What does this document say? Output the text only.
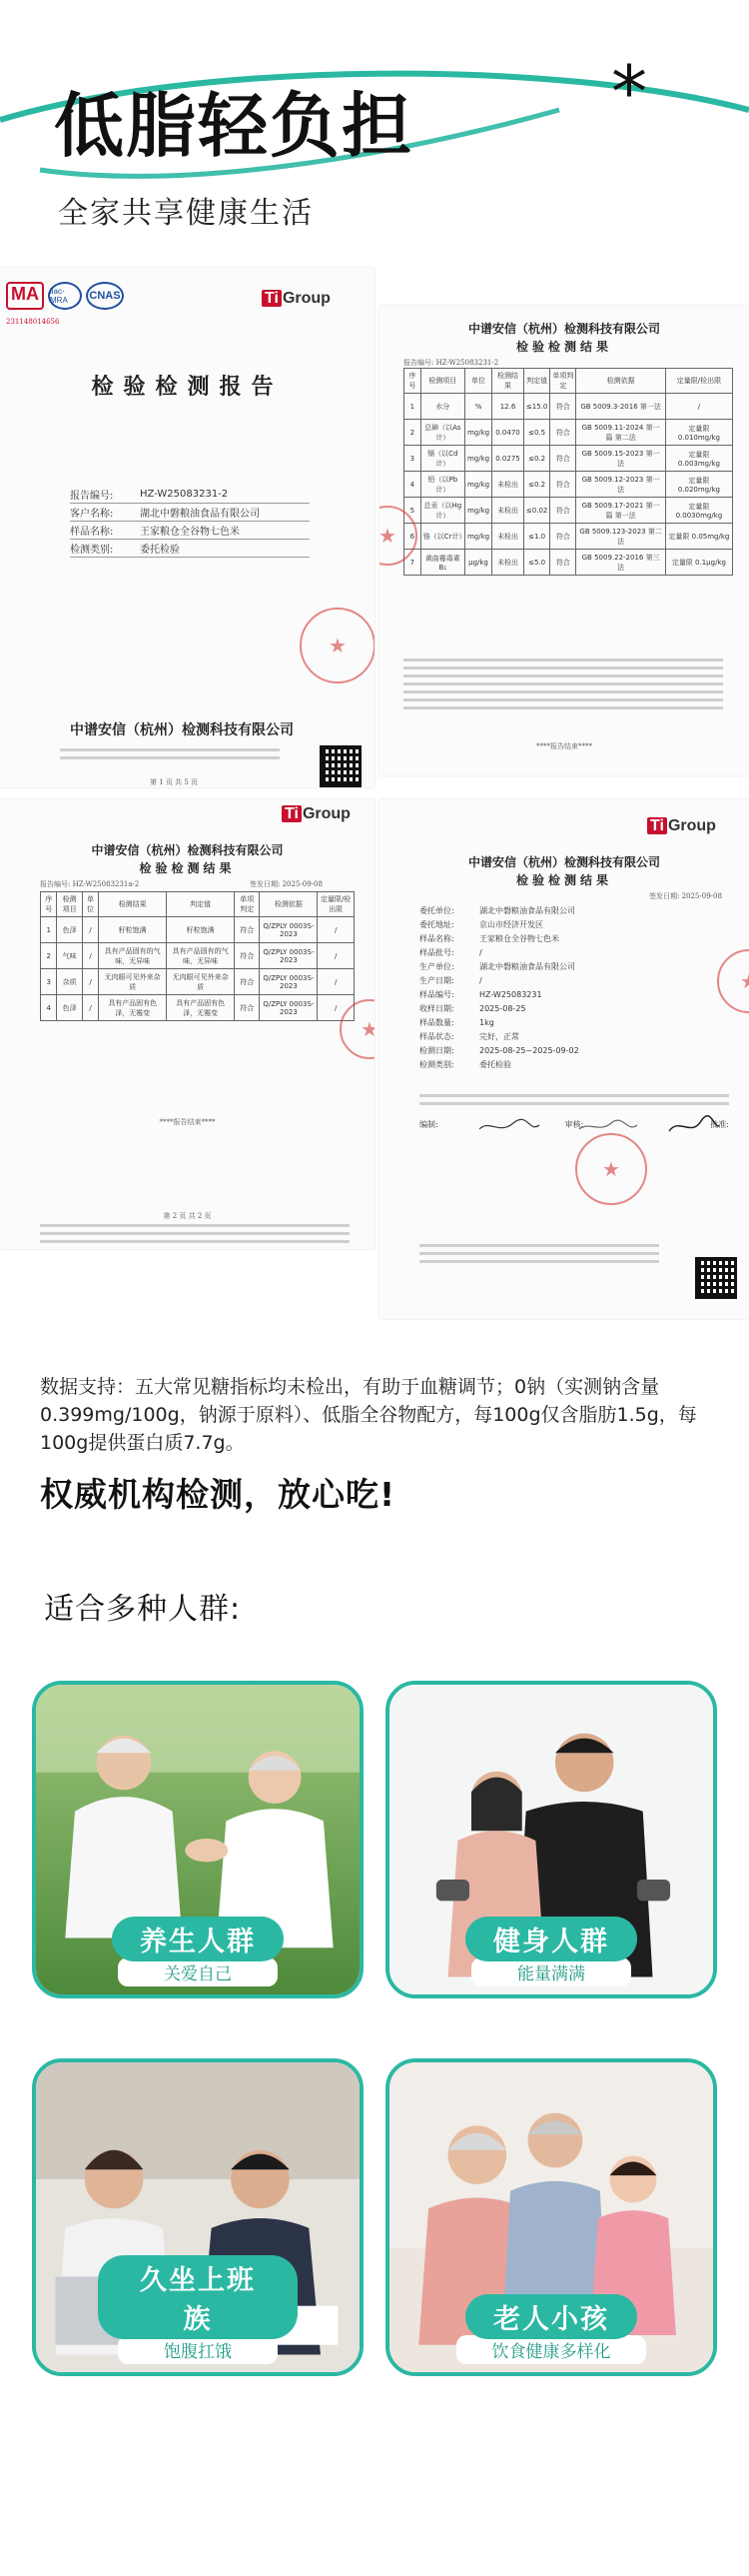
低脂轻负担
全家共享健康生活
*
MA	ilac-MRA	CNAS
231148014656
Ti Group
检验检测报告
报告编号:	HZ-W25083231-2
客户名称:	湖北中磐粮油食品有限公司
样品名称:	王家粮仓全谷物七色米
检测类别:	委托检验
★
中谱安信（杭州）检测科技有限公司
第 1 页 共 5 页
中谱安信（杭州）检测科技有限公司
检验检测结果
报告编号: HZ-W25083231-2
序号	检测项目	单位	检测结果	判定值	单项判定	检测依据	定量限/检出限
1	水分	%	12.6	≤15.0	符合	GB 5009.3-2016 第一法	/
2	总砷（以As计）	mg/kg	0.0470	≤0.5	符合	GB 5009.11-2024 第一篇 第二法	定量限 0.010mg/kg
3	镉（以Cd计）	mg/kg	0.0275	≤0.2	符合	GB 5009.15-2023 第一法	定量限 0.003mg/kg
4	铅（以Pb计）	mg/kg	未检出	≤0.2	符合	GB 5009.12-2023 第一法	定量限 0.020mg/kg
5	总汞（以Hg计）	mg/kg	未检出	≤0.02	符合	GB 5009.17-2021 第一篇 第一法	定量限 0.0030mg/kg
6	铬（以Cr计）	mg/kg	未检出	≤1.0	符合	GB 5009.123-2023 第二法	定量限 0.05mg/kg
7	黄曲霉毒素B₁	μg/kg	未检出	≤5.0	符合	GB 5009.22-2016 第三法	定量限 0.1μg/kg
★
****报告结束****
Ti Group
中谱安信（杭州）检测科技有限公司
检验检测结果
报告编号: HZ-W25083231a-2	签发日期: 2025-09-08
序号	检测项目	单位	检测结果	判定值	单项判定	检测依据	定量限/检出限
1	色泽	/	籽粒饱满	籽粒饱满	符合	Q/ZPLY 0003S-2023	/
2	气味	/	具有产品固有的气味，无异味	具有产品固有的气味，无异味	符合	Q/ZPLY 0003S-2023	/
3	杂质	/	无肉眼可见外来杂质	无肉眼可见外来杂质	符合	Q/ZPLY 0003S-2023	/
4	色泽	/	具有产品固有色泽，无霉变	具有产品固有色泽，无霉变	符合	Q/ZPLY 0003S-2023	/
★
****报告结束****
第 2 页 共 2 页
Ti Group
中谱安信（杭州）检测科技有限公司
检验检测结果
签发日期: 2025-09-08
委托单位:	湖北中磐粮油食品有限公司
委托地址:	京山市经济开发区
样品名称:	王家粮仓全谷物七色米
样品批号:	/
生产单位:	湖北中磐粮油食品有限公司
生产日期:	/
样品编号:	HZ-W25083231
收样日期:	2025-08-25
样品数量:	1kg
样品状态:	完好，正常
检测日期:	2025-08-25~2025-09-02
检测类别:	委托检验
编制:	审核:	批准:
★
★
数据支持：五大常见糖指标均未检出，有助于血糖调节；0钠（实测钠含量0.399mg/100g，钠源于原料）、低脂全谷物配方，每100g仅含脂肪1.5g，每100g提供蛋白质7.7g。
权威机构检测，放心吃!
适合多种人群:
养生人群
关爱自己
健身人群
能量满满
久坐上班族
饱腹扛饿
老人小孩
饮食健康多样化
